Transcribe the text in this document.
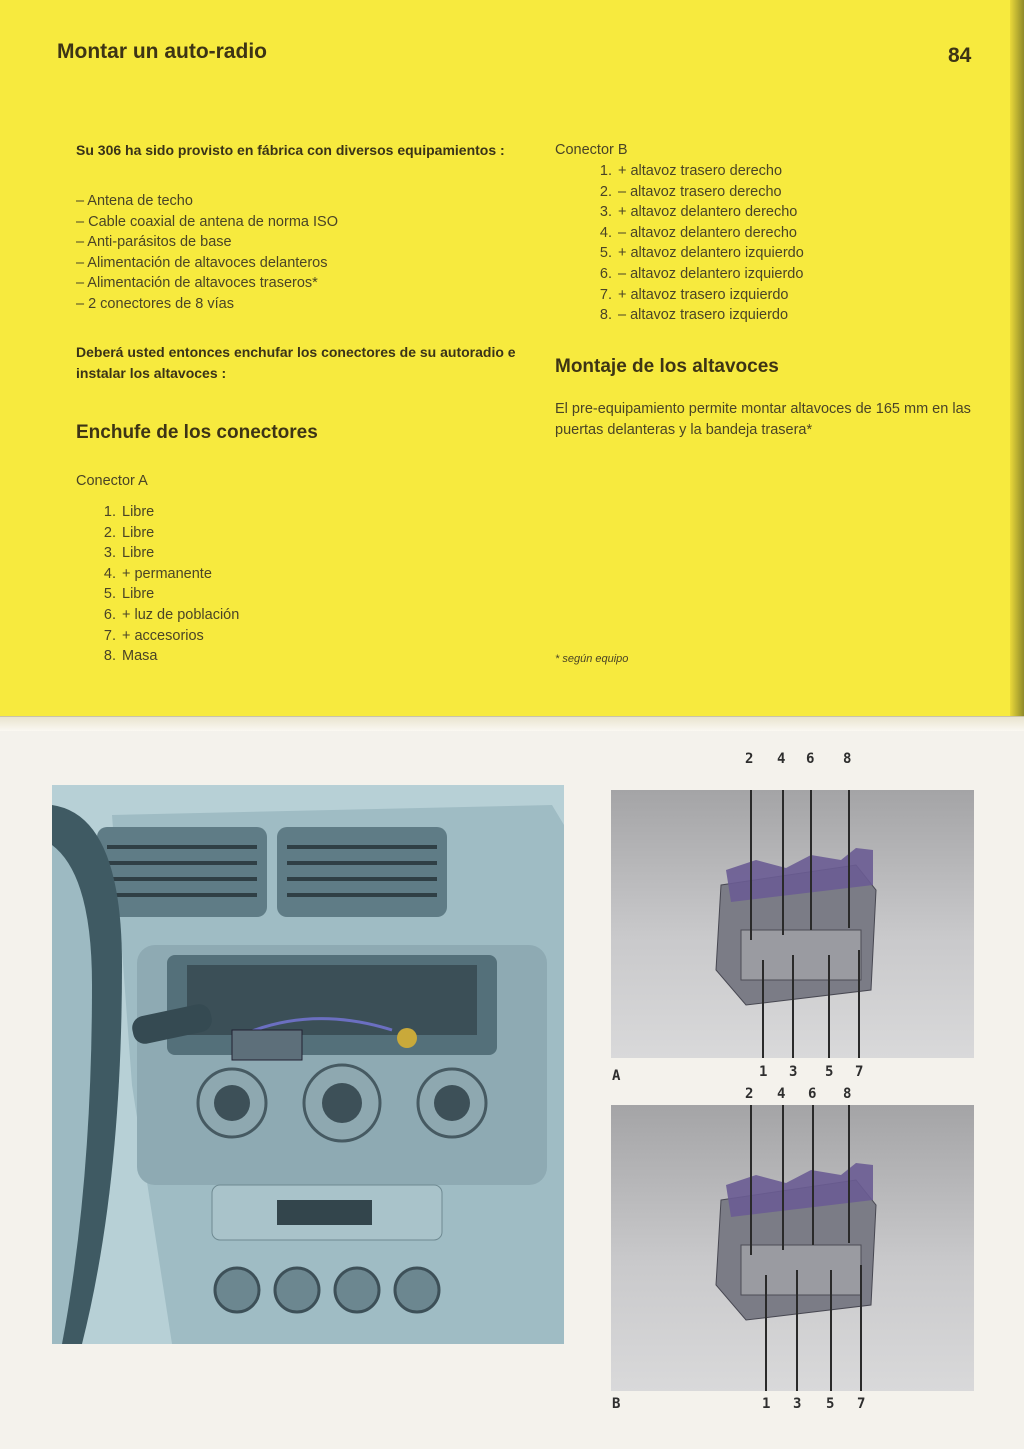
Montar un auto-radio	84
Su 306 ha sido provisto en fábrica con diversos equipamientos :
– Antena de techo
– Cable coaxial de antena de norma ISO
– Anti-parásitos de base
– Alimentación de altavoces delanteros
– Alimentación de altavoces traseros*
– 2 conectores de 8 vías
Deberá usted entonces enchufar los conectores de su autoradio e instalar los altavoces :
Enchufe de los conectores
Conector A
1. Libre
2. Libre
3. Libre
4. + permanente
5. Libre
6. + luz de población
7. + accesorios
8. Masa
Conector B
1. + altavoz trasero derecho
2. – altavoz trasero derecho
3. + altavoz delantero derecho
4. – altavoz delantero derecho
5. + altavoz delantero izquierdo
6. – altavoz delantero izquierdo
7. + altavoz trasero izquierdo
8. – altavoz trasero izquierdo
Montaje de los altavoces
El pre-equipamiento permite montar altavoces de 165 mm en las puertas delanteras y la bandeja trasera*
* según equipo
2 4 6 8
1 3 5 7
A
2 4 6 8
B	1 3 5 7
